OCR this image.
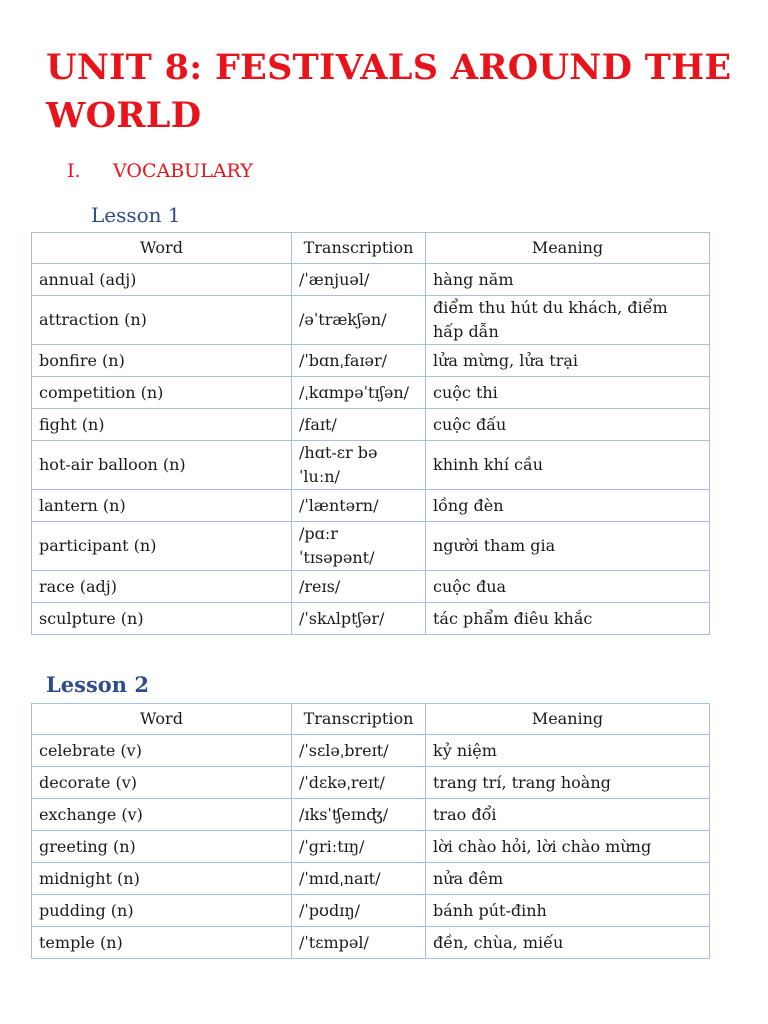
UNIT 8: FESTIVALS AROUND THE WORLD
I. VOCABULARY
Lesson 1
Word	Transcription	Meaning
annual (adj)	/ˈænjuəl/	hàng năm
attraction (n)	/əˈtrækʃən/	điểm thu hút du khách, điểm hấp dẫn
bonfire (n)	/ˈbɑnˌfaɪər/	lửa mừng, lửa trại
competition (n)	/ˌkɑmpəˈtɪʃən/	cuộc thi
fight (n)	/faɪt/	cuộc đấu
hot-air balloon (n)	/hɑt-ɛr bə ˈluːn/	khinh khí cầu
lantern (n)	/ˈlæntərn/	lồng đèn
participant (n)	/pɑːr ˈtɪsəpənt/	người tham gia
race (adj)	/reɪs/	cuộc đua
sculpture (n)	/ˈskʌlptʃər/	tác phẩm điêu khắc
Lesson 2
Word	Transcription	Meaning
celebrate (v)	/ˈsɛləˌbreɪt/	kỷ niệm
decorate (v)	/ˈdɛkəˌreɪt/	trang trí, trang hoàng
exchange (v)	/ɪksˈʧeɪnʤ/	trao đổi
greeting (n)	/ˈgriːtɪŋ/	lời chào hỏi, lời chào mừng
midnight (n)	/ˈmɪdˌnaɪt/	nửa đêm
pudding (n)	/ˈpʊdɪŋ/	bánh pút-đinh
temple (n)	/ˈtɛmpəl/	đền, chùa, miếu
